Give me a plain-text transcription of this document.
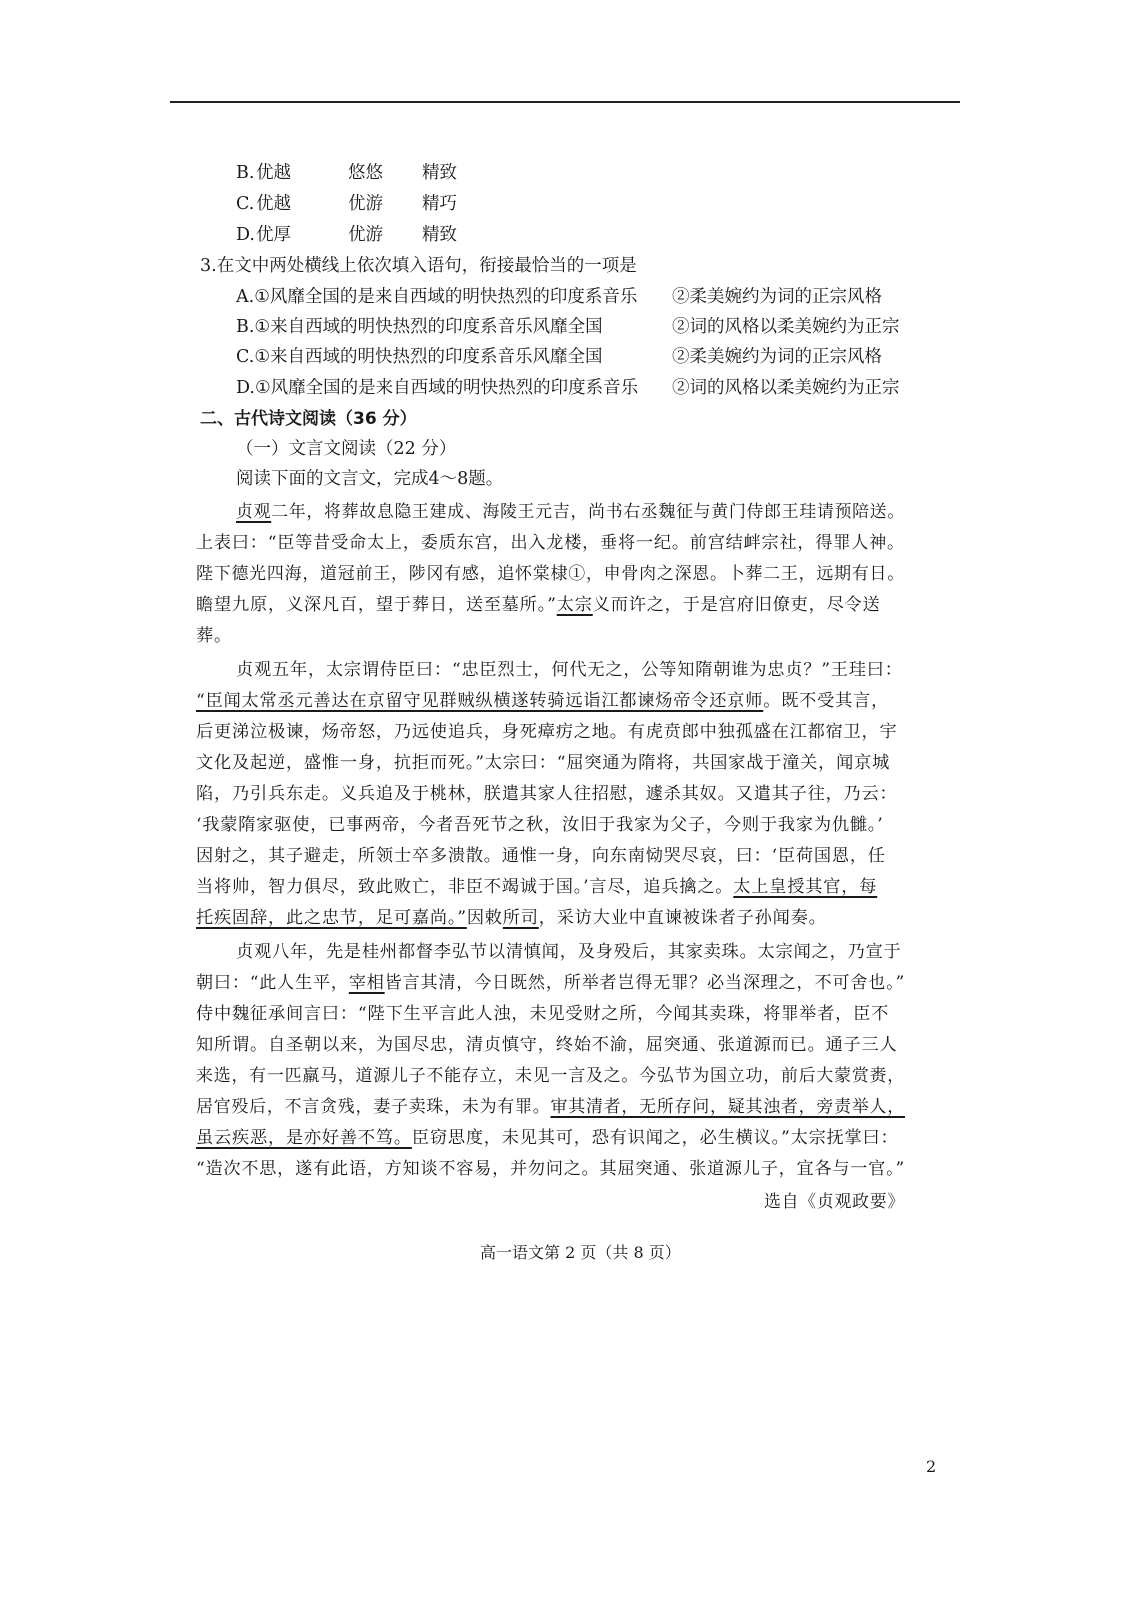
B.优越	悠悠 精致
C.优越	优游 精巧
D.优厚	优游 精致
3.在文中两处横线上依次填入语句，衔接最恰当的一项是
A.①风靡全国的是来自西域的明快热烈的印度系音乐 ②柔美婉约为词的正宗风格
B.①来自西域的明快热烈的印度系音乐风靡全国	②词的风格以柔美婉约为正宗
C.①来自西域的明快热烈的印度系音乐风靡全国	②柔美婉约为词的正宗风格
D.①风靡全国的是来自西域的明快热烈的印度系音乐 ②词的风格以柔美婉约为正宗
二、古代诗文阅读（36 分）
（一）文言文阅读（22 分）
阅读下面的文言文，完成4～8题。
贞观二年，将葬故息隐王建成、海陵王元吉，尚书右丞魏征与黄门侍郎王珪请预陪送。
上表曰：“臣等昔受命太上，委质东宫，出入龙楼，垂将一纪。前宫结衅宗社，得罪人神。
陛下德光四海，道冠前王，陟冈有感，追怀棠棣①，申骨肉之深恩。卜葬二王，远期有日。
瞻望九原，义深凡百，望于葬日，送至墓所。”太宗义而许之，于是宫府旧僚吏，尽令送
葬。
贞观五年，太宗谓侍臣曰：“忠臣烈士，何代无之，公等知隋朝谁为忠贞？”王珪曰：
“臣闻太常丞元善达在京留守见群贼纵横遂转骑远诣江都谏炀帝令还京师。既不受其言，
后更涕泣极谏，炀帝怒，乃远使追兵，身死瘴疠之地。有虎贲郎中独孤盛在江都宿卫，宇
文化及起逆，盛惟一身，抗拒而死。”太宗曰：“屈突通为隋将，共国家战于潼关，闻京城
陷，乃引兵东走。义兵追及于桃林，朕遣其家人往招慰，遽杀其奴。又遣其子往，乃云：
‘我蒙隋家驱使，已事两帝，今者吾死节之秋，汝旧于我家为父子，今则于我家为仇雠。’
因射之，其子避走，所领士卒多溃散。通惟一身，向东南恸哭尽哀，曰：‘臣荷国恩，任
当将帅，智力俱尽，致此败亡，非臣不竭诚于国。’言尽，追兵擒之。太上皇授其官，每
托疾固辞，此之忠节，足可嘉尚。”因敕所司，采访大业中直谏被诛者子孙闻奏。
贞观八年，先是桂州都督李弘节以清慎闻，及身殁后，其家卖珠。太宗闻之，乃宣于
朝曰：“此人生平，宰相皆言其清，今日既然，所举者岂得无罪？必当深理之，不可舍也。”
侍中魏征承间言曰：“陛下生平言此人浊，未见受财之所，今闻其卖珠，将罪举者，臣不
知所谓。自圣朝以来，为国尽忠，清贞慎守，终始不渝，屈突通、张道源而已。通子三人
来选，有一匹羸马，道源儿子不能存立，未见一言及之。今弘节为国立功，前后大蒙赏赉，
居官殁后，不言贪残，妻子卖珠，未为有罪。审其清者，无所存问，疑其浊者，旁责举人，
虽云疾恶，是亦好善不笃。臣窃思度，未见其可，恐有识闻之，必生横议。”太宗抚掌曰：
“造次不思，遂有此语，方知谈不容易，并勿问之。其屈突通、张道源儿子，宜各与一官。”
选自《贞观政要》
高一语文第 2 页（共 8 页）
2
